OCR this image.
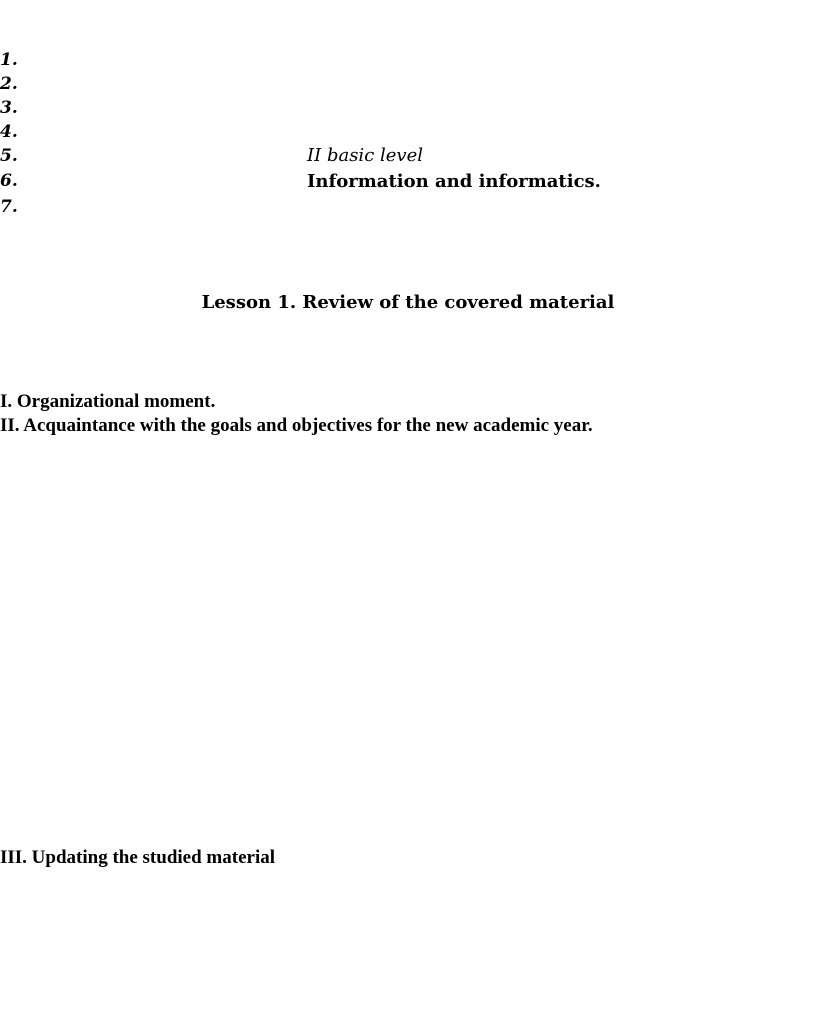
1.
2.
3.
4.
5.
6.
7.
II basic level
Information and informatics.
Lesson 1. Review of the covered material
I. Organizational moment.
II. Acquaintance with the goals and objectives for the new academic year.
III. Updating the studied material
